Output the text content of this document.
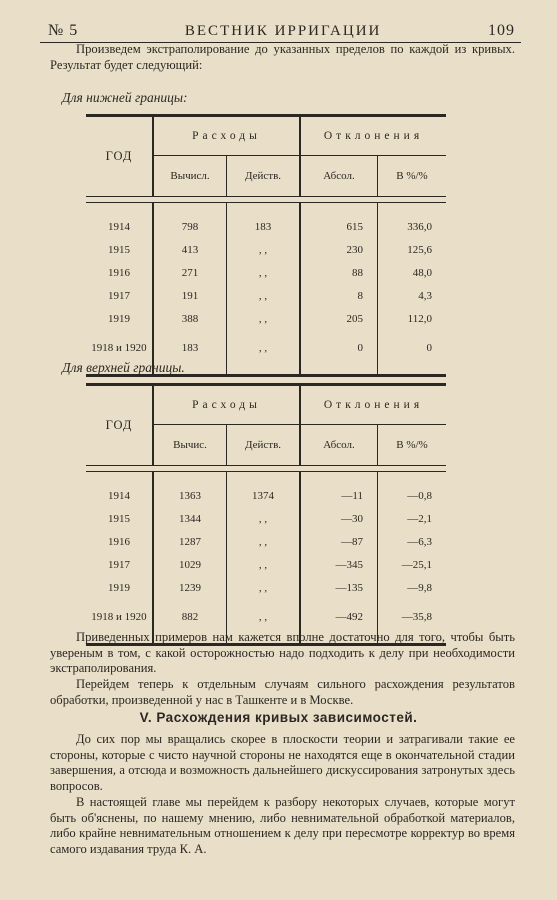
№ 5	ВЕСТНИК ИРРИГАЦИИ	109

Произведем экстраполирование до указанных пределов по каждой из кривых. Результат будет следующий:

Для нижней границы:
ГОД	Расходы		Отклонения	
	Вычисл.	Действ.	Абсол.	В %/%

1914	798	183	615	336,0
1915	413	, ,	230	125,6
1916	271	, ,	88	48,0
1917	191	, ,	8	4,3
1919	388	, ,	205	112,0
1918 и 1920	183	, ,	0	0

Для верхней границы.
ГОД	Расходы		Отклонения	
	Вычис.	Действ.	Абсол.	В %/%

1914	1363	1374	—11	—0,8
1915	1344	, ,	—30	—2,1
1916	1287	, ,	—87	—6,3
1917	1029	, ,	—345	—25,1
1919	1239	, ,	—135	—9,8
1918 и 1920	882	, ,	—492	—35,8

Приведенных примеров нам кажется вполне достаточно для того, чтобы быть увереным в том, с какой осторожностью надо подходить к делу при необходимости экстраполирования.

Перейдем теперь к отдельным случаям сильного расхождения результатов обработки, произведенной у нас в Ташкенте и в Москве.

V. Расхождения кривых зависимостей.

До сих пор мы вращались скорее в плоскости теории и затрагивали такие ее стороны, которые с чисто научной стороны не находятся еще в окончательной стадии завершения, а отсюда и возможность дальнейшего дискуссирования затронутых здесь вопросов.

В настоящей главе мы перейдем к разбору некоторых случаев, которые могут быть об'яснены, по нашему мнению, либо невнимательной обработкой материалов, либо крайне невнимательным отношением к делу при пересмотре корректур во время самого издавания труда К. А.
